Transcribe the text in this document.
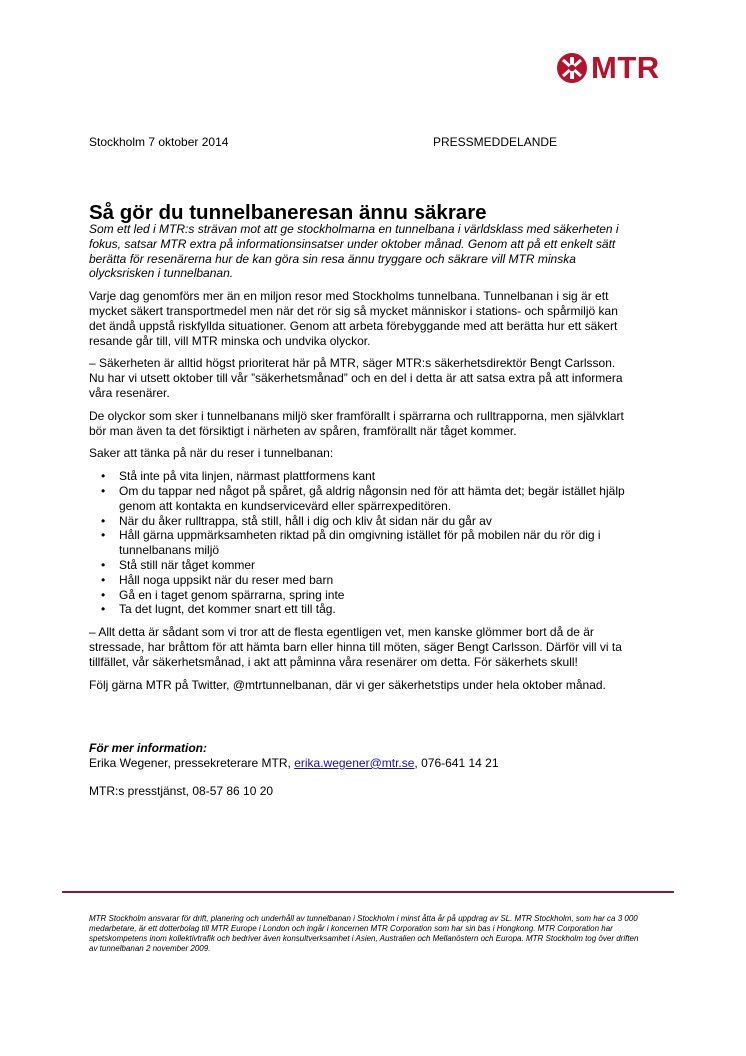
MTR
Stockholm 7 oktober 2014	PRESSMEDDELANDE
Så gör du tunnelbaneresan ännu säkrare

Som ett led i MTR:s strävan mot att ge stockholmarna en tunnelbana i världsklass med säkerheten i fokus, satsar MTR extra på informationsinsatser under oktober månad. Genom att på ett enkelt sätt berätta för resenärerna hur de kan göra sin resa ännu tryggare och säkrare vill MTR minska olycksrisken i tunnelbanan.

Varje dag genomförs mer än en miljon resor med Stockholms tunnelbana. Tunnelbanan i sig är ett mycket säkert transportmedel men när det rör sig så mycket människor i stations- och spårmiljö kan det ändå uppstå riskfyllda situationer. Genom att arbeta förebyggande med att berätta hur ett säkert resande går till, vill MTR minska och undvika olyckor.

– Säkerheten är alltid högst prioriterat här på MTR, säger MTR:s säkerhetsdirektör Bengt Carlsson. Nu har vi utsett oktober till vår ”säkerhetsmånad” och en del i detta är att satsa extra på att informera våra resenärer.

De olyckor som sker i tunnelbanans miljö sker framförallt i spärrarna och rulltrapporna, men självklart bör man även ta det försiktigt i närheten av spåren, framförallt när tåget kommer.

Saker att tänka på när du reser i tunnelbanan:

• Stå inte på vita linjen, närmast plattformens kant
• Om du tappar ned något på spåret, gå aldrig någonsin ned för att hämta det; begär istället hjälp genom att kontakta en kundservicevärd eller spärrexpeditören.
• När du åker rulltrappa, stå still, håll i dig och kliv åt sidan när du går av
• Håll gärna uppmärksamheten riktad på din omgivning istället för på mobilen när du rör dig i tunnelbanans miljö
• Stå still när tåget kommer
• Håll noga uppsikt när du reser med barn
• Gå en i taget genom spärrarna, spring inte
• Ta det lugnt, det kommer snart ett till tåg.

– Allt detta är sådant som vi tror att de flesta egentligen vet, men kanske glömmer bort då de är stressade, har bråttom för att hämta barn eller hinna till möten, säger Bengt Carlsson. Därför vill vi ta tillfället, vår säkerhetsmånad, i akt att påminna våra resenärer om detta. För säkerhets skull!

Följ gärna MTR på Twitter, @mtrtunnelbanan, där vi ger säkerhetstips under hela oktober månad.

För mer information:

Erika Wegener, pressekreterare MTR, erika.wegener@mtr.se, 076-641 14 21

MTR:s presstjänst, 08-57 86 10 20
MTR Stockholm ansvarar för drift, planering och underhåll av tunnelbanan i Stockholm i minst åtta år på uppdrag av SL. MTR Stockholm, som har ca 3 000 medarbetare, är ett dotterbolag till MTR Europe i London och ingår i koncernen MTR Corporation som har sin bas i Hongkong. MTR Corporation har spetskompetens inom kollektivtrafik och bedriver även konsultverksamhet i Asien, Australien och Mellanöstern och Europa. MTR Stockholm tog över driften av tunnelbanan 2 november 2009.
